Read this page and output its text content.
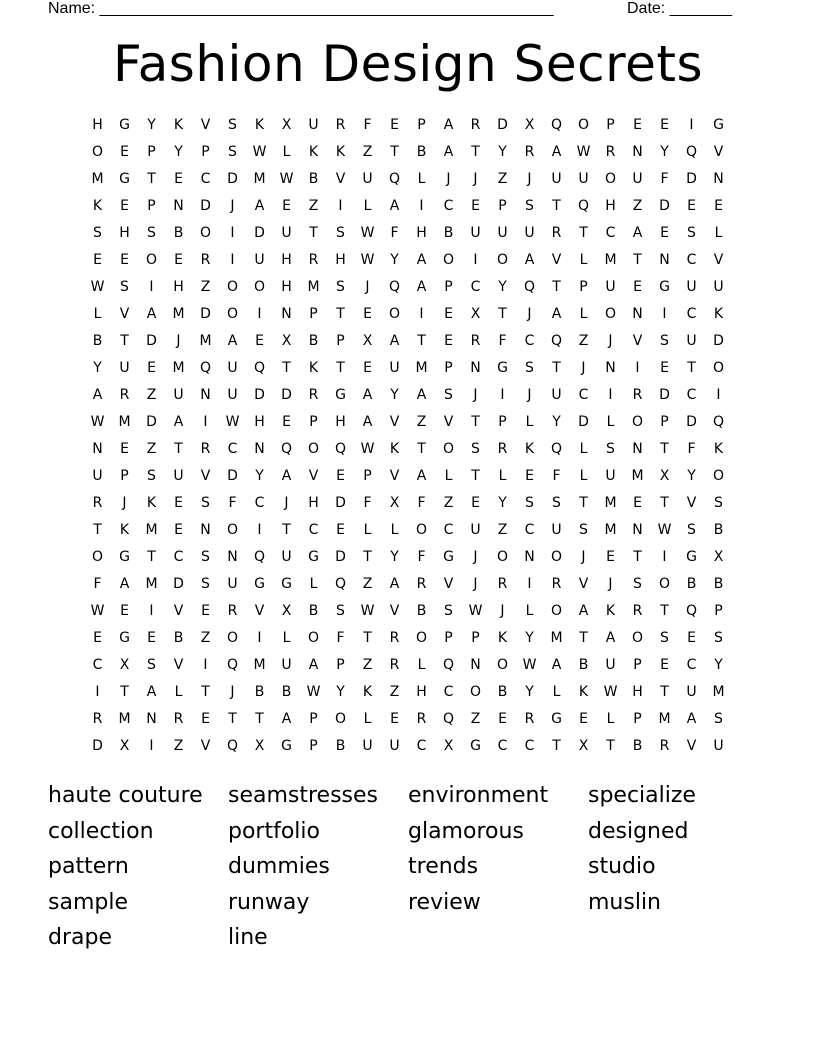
Name: ___________________________________________________	Date: _______
Fashion Design Secrets
H	G	Y	K	V	S	K	X	U	R	F	E	P	A	R	D	X	Q	O	P	E	E	I	G
O	E	P	Y	P	S	W	L	K	K	Z	T	B	A	T	Y	R	A	W	R	N	Y	Q	V
M	G	T	E	C	D	M	W	B	V	U	Q	L	J	J	Z	J	U	U	O	U	F	D	N
K	E	P	N	D	J	A	E	Z	I	L	A	I	C	E	P	S	T	Q	H	Z	D	E	E
S	H	S	B	O	I	D	U	T	S	W	F	H	B	U	U	U	R	T	C	A	E	S	L
E	E	O	E	R	I	U	H	R	H	W	Y	A	O	I	O	A	V	L	M	T	N	C	V
W	S	I	H	Z	O	O	H	M	S	J	Q	A	P	C	Y	Q	T	P	U	E	G	U	U
L	V	A	M	D	O	I	N	P	T	E	O	I	E	X	T	J	A	L	O	N	I	C	K
B	T	D	J	M	A	E	X	B	P	X	A	T	E	R	F	C	Q	Z	J	V	S	U	D
Y	U	E	M	Q	U	Q	T	K	T	E	U	M	P	N	G	S	T	J	N	I	E	T	O
A	R	Z	U	N	U	D	D	R	G	A	Y	A	S	J	I	J	U	C	I	R	D	C	I
W	M	D	A	I	W	H	E	P	H	A	V	Z	V	T	P	L	Y	D	L	O	P	D	Q
N	E	Z	T	R	C	N	Q	O	Q	W	K	T	O	S	R	K	Q	L	S	N	T	F	K
U	P	S	U	V	D	Y	A	V	E	P	V	A	L	T	L	E	F	L	U	M	X	Y	O
R	J	K	E	S	F	C	J	H	D	F	X	F	Z	E	Y	S	S	T	M	E	T	V	S
T	K	M	E	N	O	I	T	C	E	L	L	O	C	U	Z	C	U	S	M	N	W	S	B
O	G	T	C	S	N	Q	U	G	D	T	Y	F	G	J	O	N	O	J	E	T	I	G	X
F	A	M	D	S	U	G	G	L	Q	Z	A	R	V	J	R	I	R	V	J	S	O	B	B
W	E	I	V	E	R	V	X	B	S	W	V	B	S	W	J	L	O	A	K	R	T	Q	P
E	G	E	B	Z	O	I	L	O	F	T	R	O	P	P	K	Y	M	T	A	O	S	E	S
C	X	S	V	I	Q	M	U	A	P	Z	R	L	Q	N	O	W	A	B	U	P	E	C	Y
I	T	A	L	T	J	B	B	W	Y	K	Z	H	C	O	B	Y	L	K	W	H	T	U	M
R	M	N	R	E	T	T	A	P	O	L	E	R	Q	Z	E	R	G	E	L	P	M	A	S
D	X	I	Z	V	Q	X	G	P	B	U	U	C	X	G	C	C	T	X	T	B	R	V	U
haute couture	seamstresses	environment	specialize
collection	portfolio	glamorous	designed
pattern	dummies	trends	studio
sample	runway	review	muslin
drape	line
